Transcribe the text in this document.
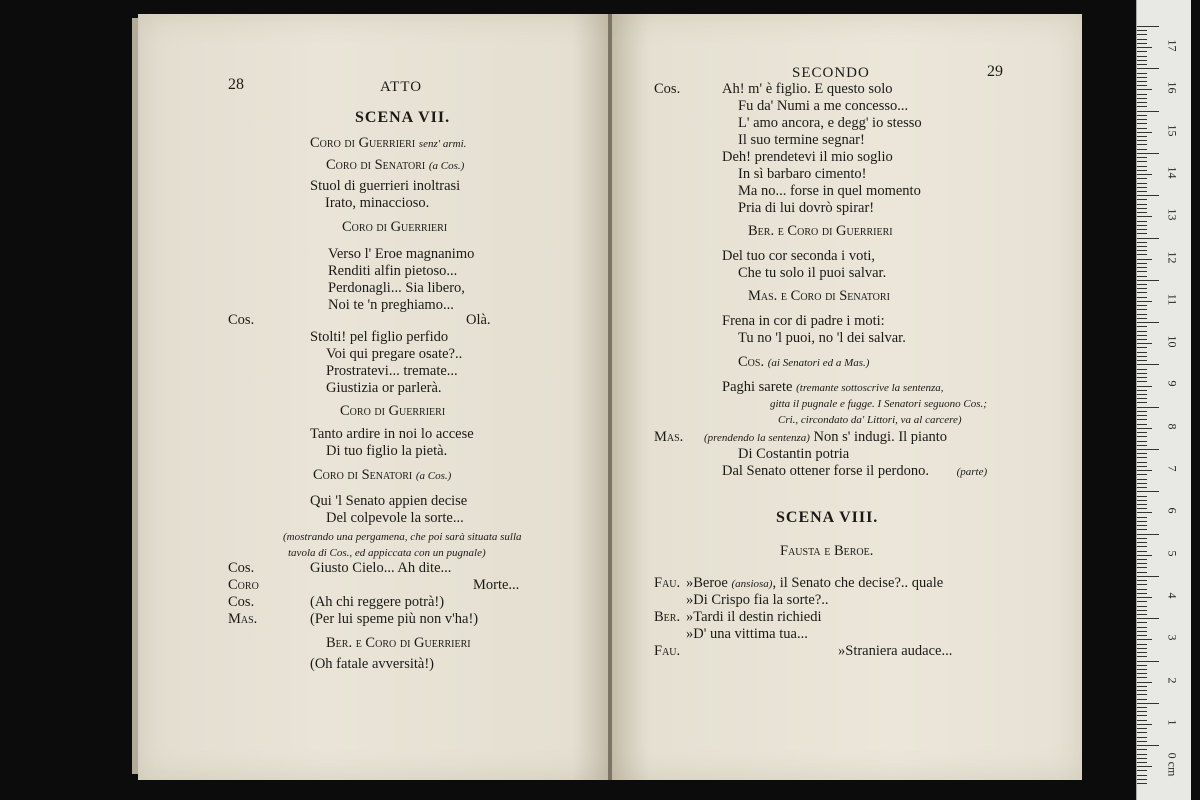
28	ATTO
SCENA VII.
Coro di Guerrieri senz' armi.
Coro di Senatori (a Cos.)
Stuol di guerrieri inoltrasi
Irato, minaccioso.
Coro di Guerrieri
Verso l' Eroe magnanimo
Renditi alfin pietoso...
Perdonagli... Sia libero,
Noi te 'n preghiamo...
Cos.	Olà.
Stolti! pel figlio perfido
Voi qui pregare osate?..
Prostratevi... tremate...
Giustizia or parlerà.
Coro di Guerrieri
Tanto ardire in noi lo accese
Di tuo figlio la pietà.
Coro di Senatori (a Cos.)
Qui 'l Senato appien decise
Del colpevole la sorte...
(mostrando una pergamena, che poi sarà situata sulla
tavola di Cos., ed appiccata con un pugnale)
Cos.	Giusto Cielo... Ah dite...
Coro	Morte...
Cos.	(Ah chi reggere potrà!)
Mas.	(Per lui speme più non v'ha!)
Ber. e Coro di Guerrieri
(Oh fatale avversità!)
SECONDO	29
Cos.	Ah! m' è figlio. E questo solo
Fu da' Numi a me concesso...
L' amo ancora, e degg' io stesso
Il suo termine segnar!
Deh! prendetevi il mio soglio
In sì barbaro cimento!
Ma no... forse in quel momento
Pria di lui dovrò spirar!
Ber. e Coro di Guerrieri
Del tuo cor seconda i voti,
Che tu solo il puoi salvar.
Mas. e Coro di Senatori
Frena in cor di padre i moti:
Tu no 'l puoi, no 'l dei salvar.
Cos. (ai Senatori ed a Mas.)
Paghi sarete (tremante sottoscrive la sentenza,
gitta il pugnale e fugge. I Senatori seguono Cos.;
Cri., circondato da' Littori, va al carcere)
Mas. (prendendo la sentenza) Non s' indugi. Il pianto
Di Costantin potria
Dal Senato ottener forse il perdono.	(parte)
SCENA VIII.
Fausta e Beroe.
Fau. »Beroe (ansiosa), il Senato che decise?.. quale
»Di Crispo fia la sorte?..
Ber. »Tardi il destin richiedi
»D' una vittima tua...
Fau.	»Straniera audace...
17
16
15
14
13
12
11
10
9
8
7
6
5
4
3
2
1
0 cm
